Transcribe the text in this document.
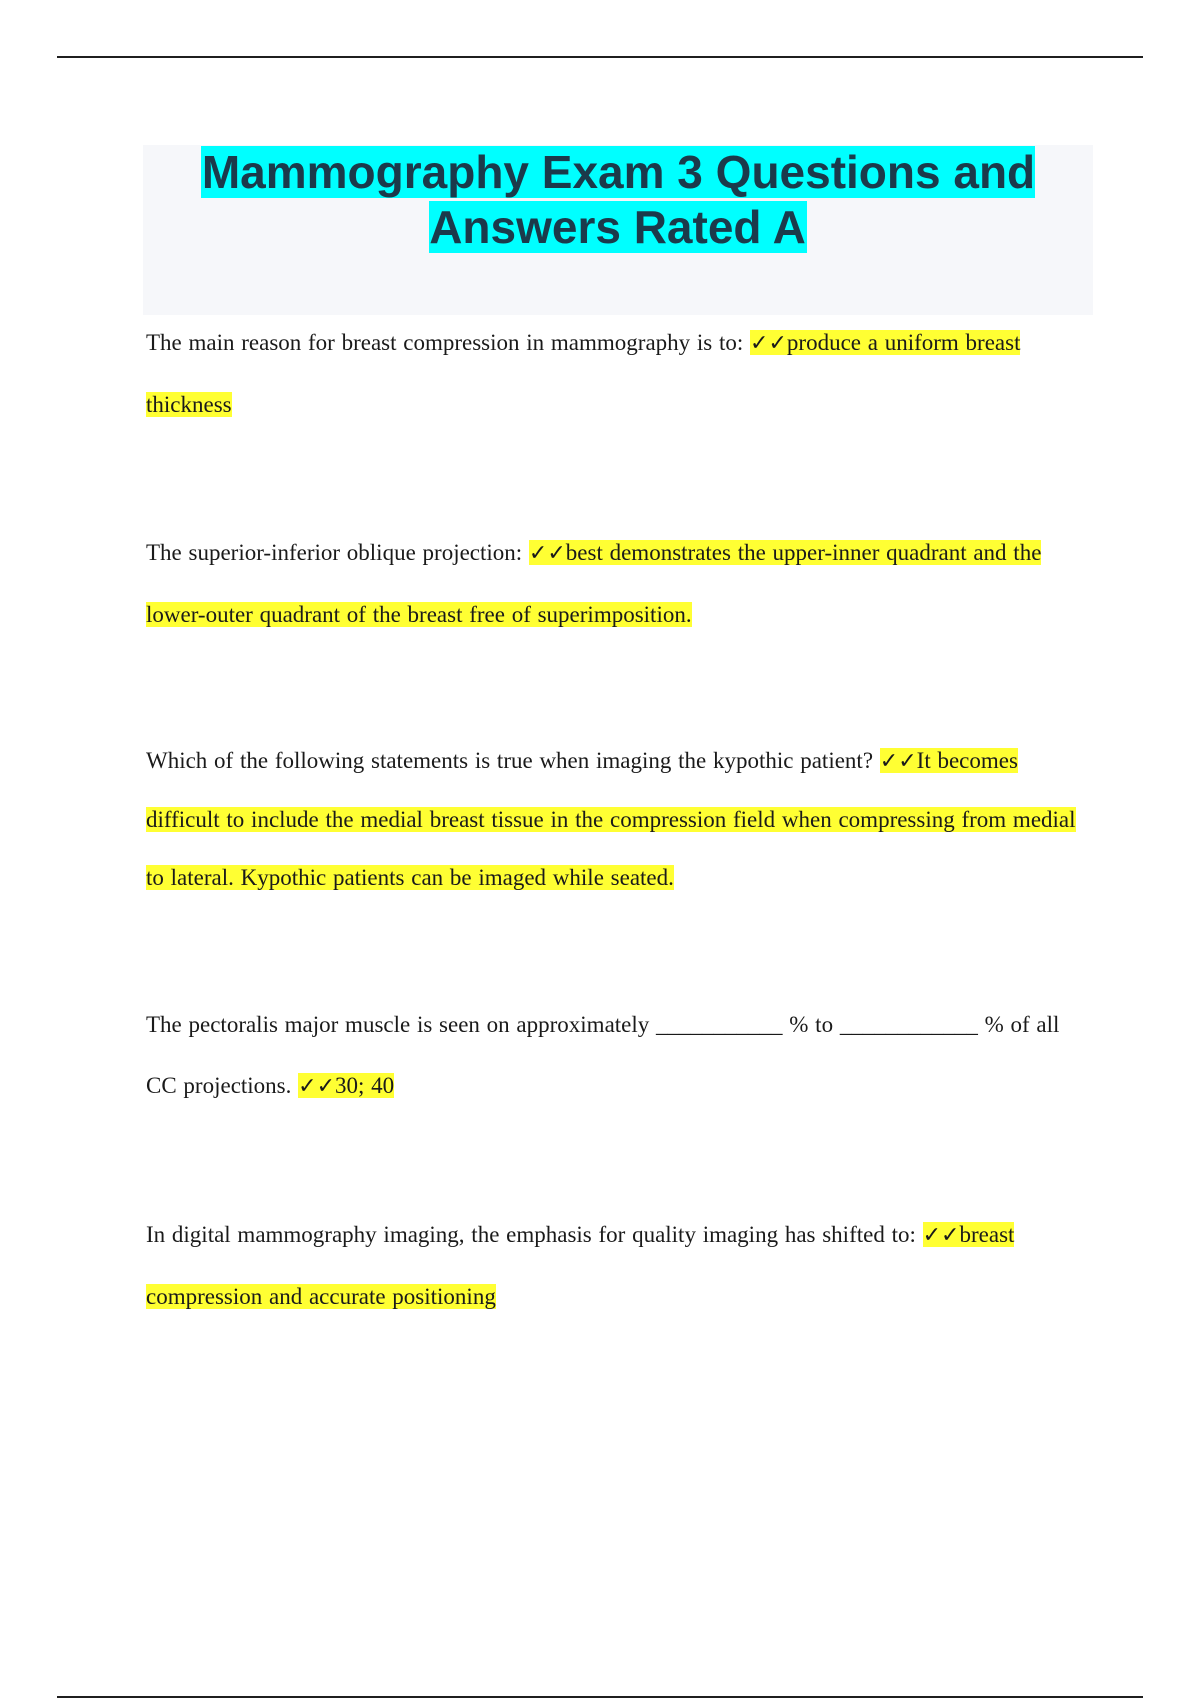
Mammography Exam 3 Questions and Answers Rated A
The main reason for breast compression in mammography is to: ✓✓produce a uniform breast thickness
The superior-inferior oblique projection: ✓✓best demonstrates the upper-inner quadrant and the lower-outer quadrant of the breast free of superimposition.
Which of the following statements is true when imaging the kypothic patient? ✓✓It becomes difficult to include the medial breast tissue in the compression field when compressing from medial to lateral. Kypothic patients can be imaged while seated.
The pectoralis major muscle is seen on approximately ___________ % to ____________ % of all CC projections. ✓✓30; 40
In digital mammography imaging, the emphasis for quality imaging has shifted to: ✓✓breast compression and accurate positioning
